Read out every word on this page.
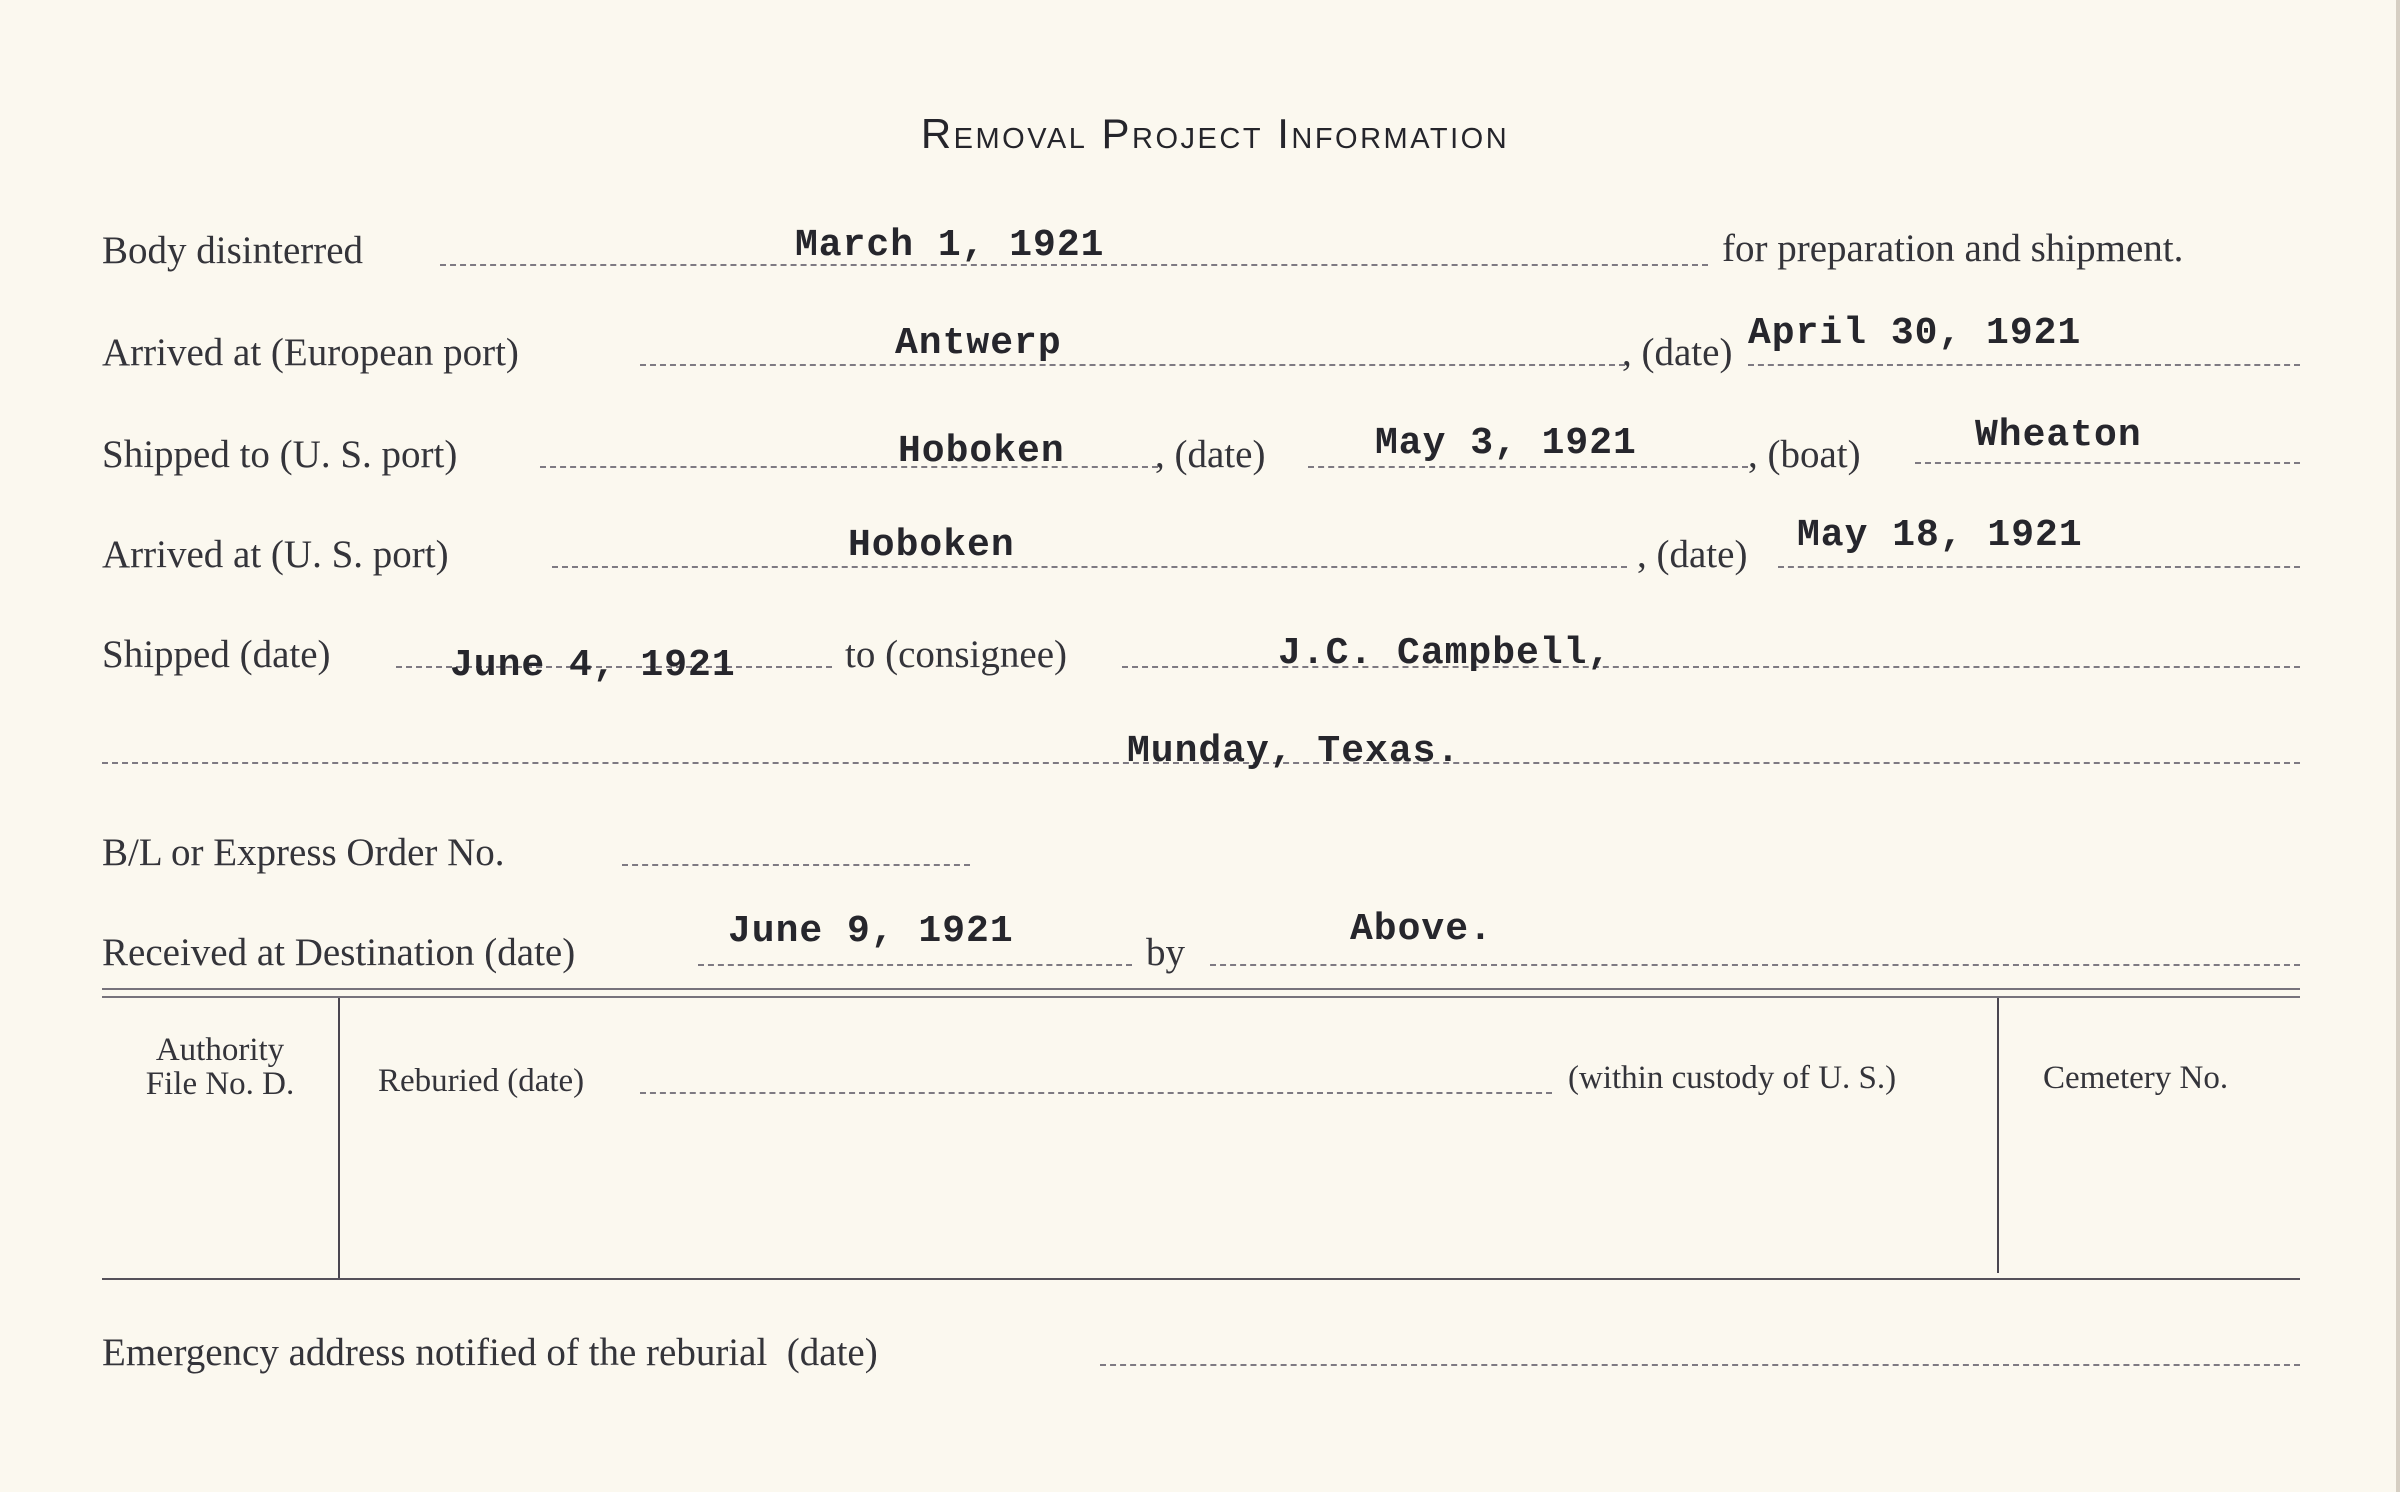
Removal Project Information
Body disinterred	March 1, 1921	for preparation and shipment.
Arrived at (European port)	Antwerp	, (date) April 30, 1921
Shipped to (U. S. port)	Hoboken , (date)	May 3, 1921	, (boat)	Wheaton
Arrived at (U. S. port)	Hoboken	, (date) May 18, 1921
Shipped (date)	June 4, 1921	to (consignee)	J.C. Campbell,
Munday, Texas.
B/L or Express Order No.
Received at Destination (date)	June 9, 1921	by
Above.
Authority
File No. D.	Reburied (date)	(within custody of U. S.)	Cemetery No.
Emergency address notified of the reburial  (date)
